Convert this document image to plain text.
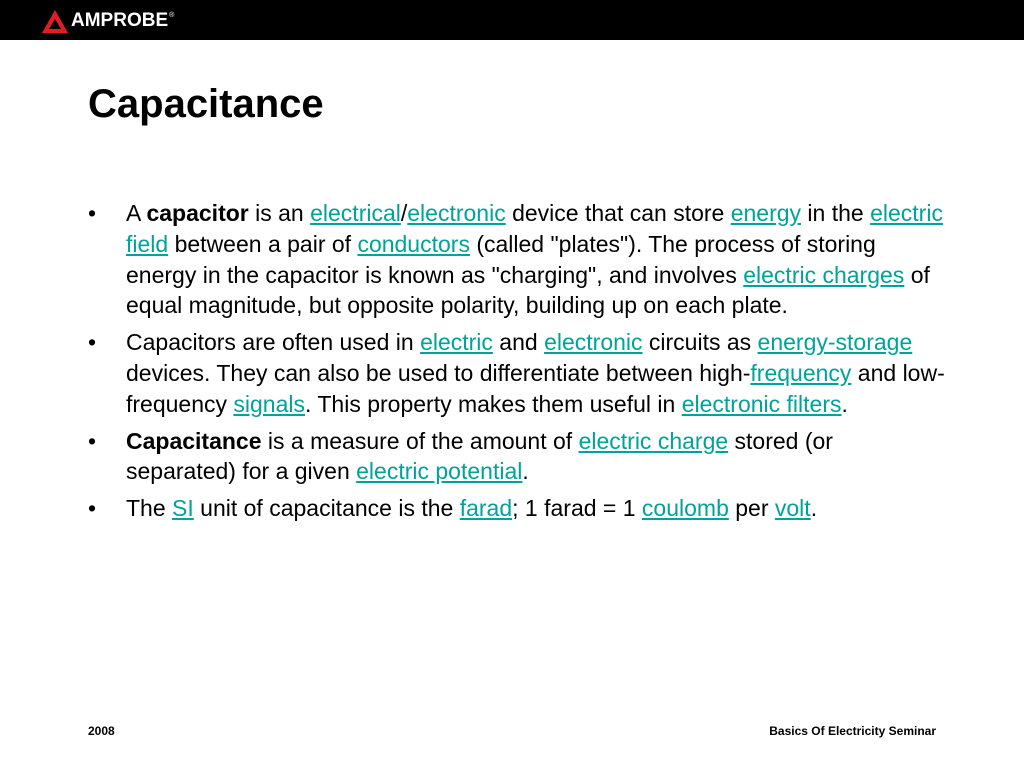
AMPROBE ®
Capacitance
• A capacitor is an electrical/electronic device that can store energy in the electric field between a pair of conductors (called "plates"). The process of storing energy in the capacitor is known as "charging", and involves electric charges of equal magnitude, but opposite polarity, building up on each plate.
• Capacitors are often used in electric and electronic circuits as energy-storage devices. They can also be used to differentiate between high-frequency and low-frequency signals. This property makes them useful in electronic filters.
• Capacitance is a measure of the amount of electric charge stored (or separated) for a given electric potential.
• The SI unit of capacitance is the farad; 1 farad = 1 coulomb per volt.
2008	Basics Of Electricity Seminar
